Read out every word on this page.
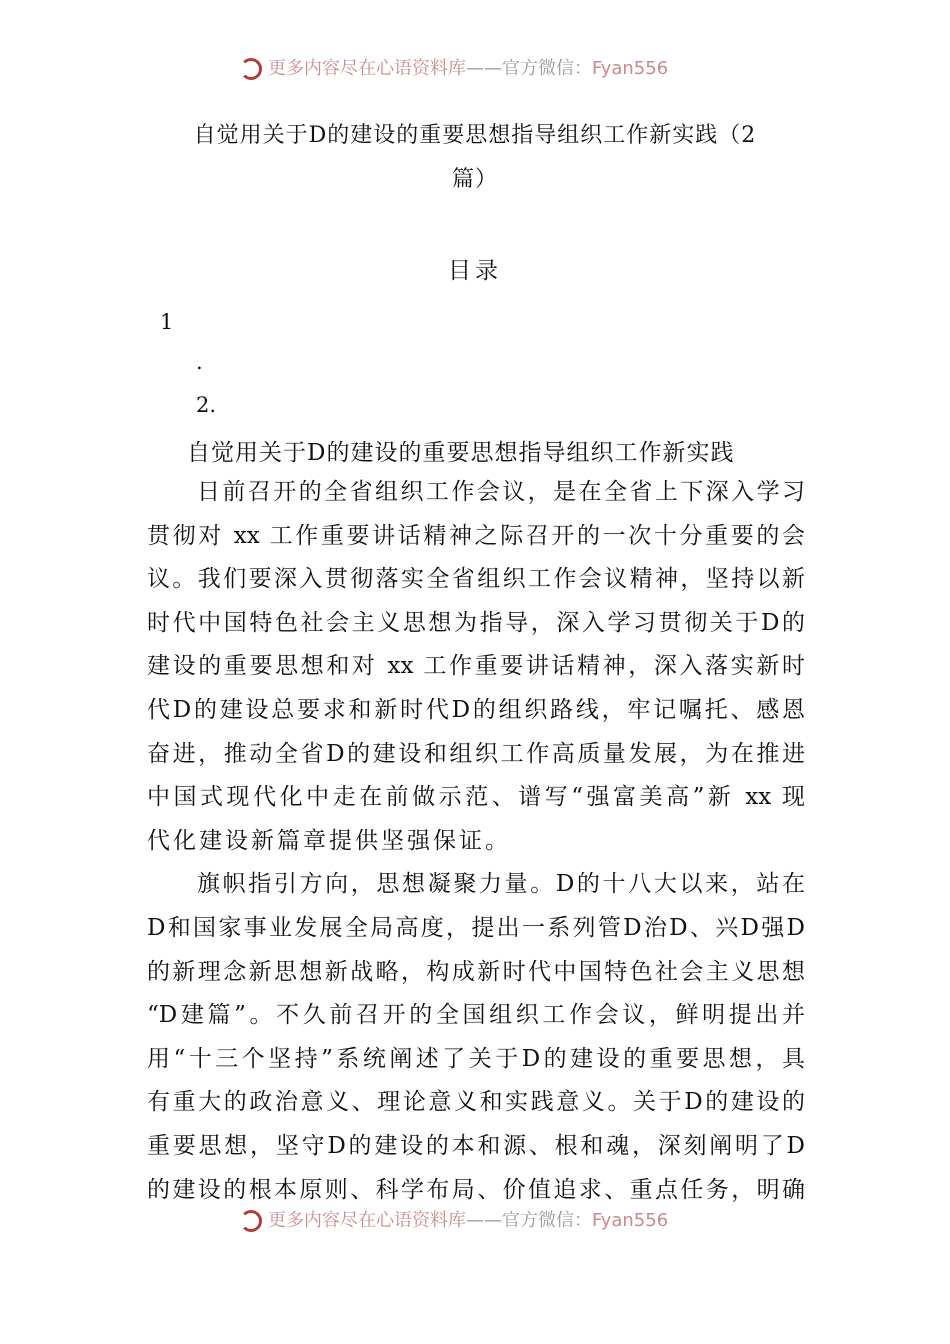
更多内容尽在心语资料库——官方微信：Fyan556
自觉用关于D的建设的重要思想指导组织工作新实践（2
篇）
目录
1
.
2.
自觉用关于D的建设的重要思想指导组织工作新实践
日前召开的全省组织工作会议，是在全省上下深入学习
贯彻对 xx 工作重要讲话精神之际召开的一次十分重要的会
议。我们要深入贯彻落实全省组织工作会议精神，坚持以新
时代中国特色社会主义思想为指导，深入学习贯彻关于D的
建设的重要思想和对 xx 工作重要讲话精神，深入落实新时
代D的建设总要求和新时代D的组织路线，牢记嘱托、感恩
奋进，推动全省D的建设和组织工作高质量发展，为在推进
中国式现代化中走在前做示范、谱写“强富美高”新 xx 现
代化建设新篇章提供坚强保证。
旗帜指引方向，思想凝聚力量。D的十八大以来，站在
D和国家事业发展全局高度，提出一系列管D治D、兴D强D
的新理念新思想新战略，构成新时代中国特色社会主义思想
“D建篇”。不久前召开的全国组织工作会议，鲜明提出并
用“十三个坚持”系统阐述了关于D的建设的重要思想，具
有重大的政治意义、理论意义和实践意义。关于D的建设的
重要思想，坚守D的建设的本和源、根和魂，深刻阐明了D
的建设的根本原则、科学布局、价值追求、重点任务，明确
更多内容尽在心语资料库——官方微信：Fyan556
